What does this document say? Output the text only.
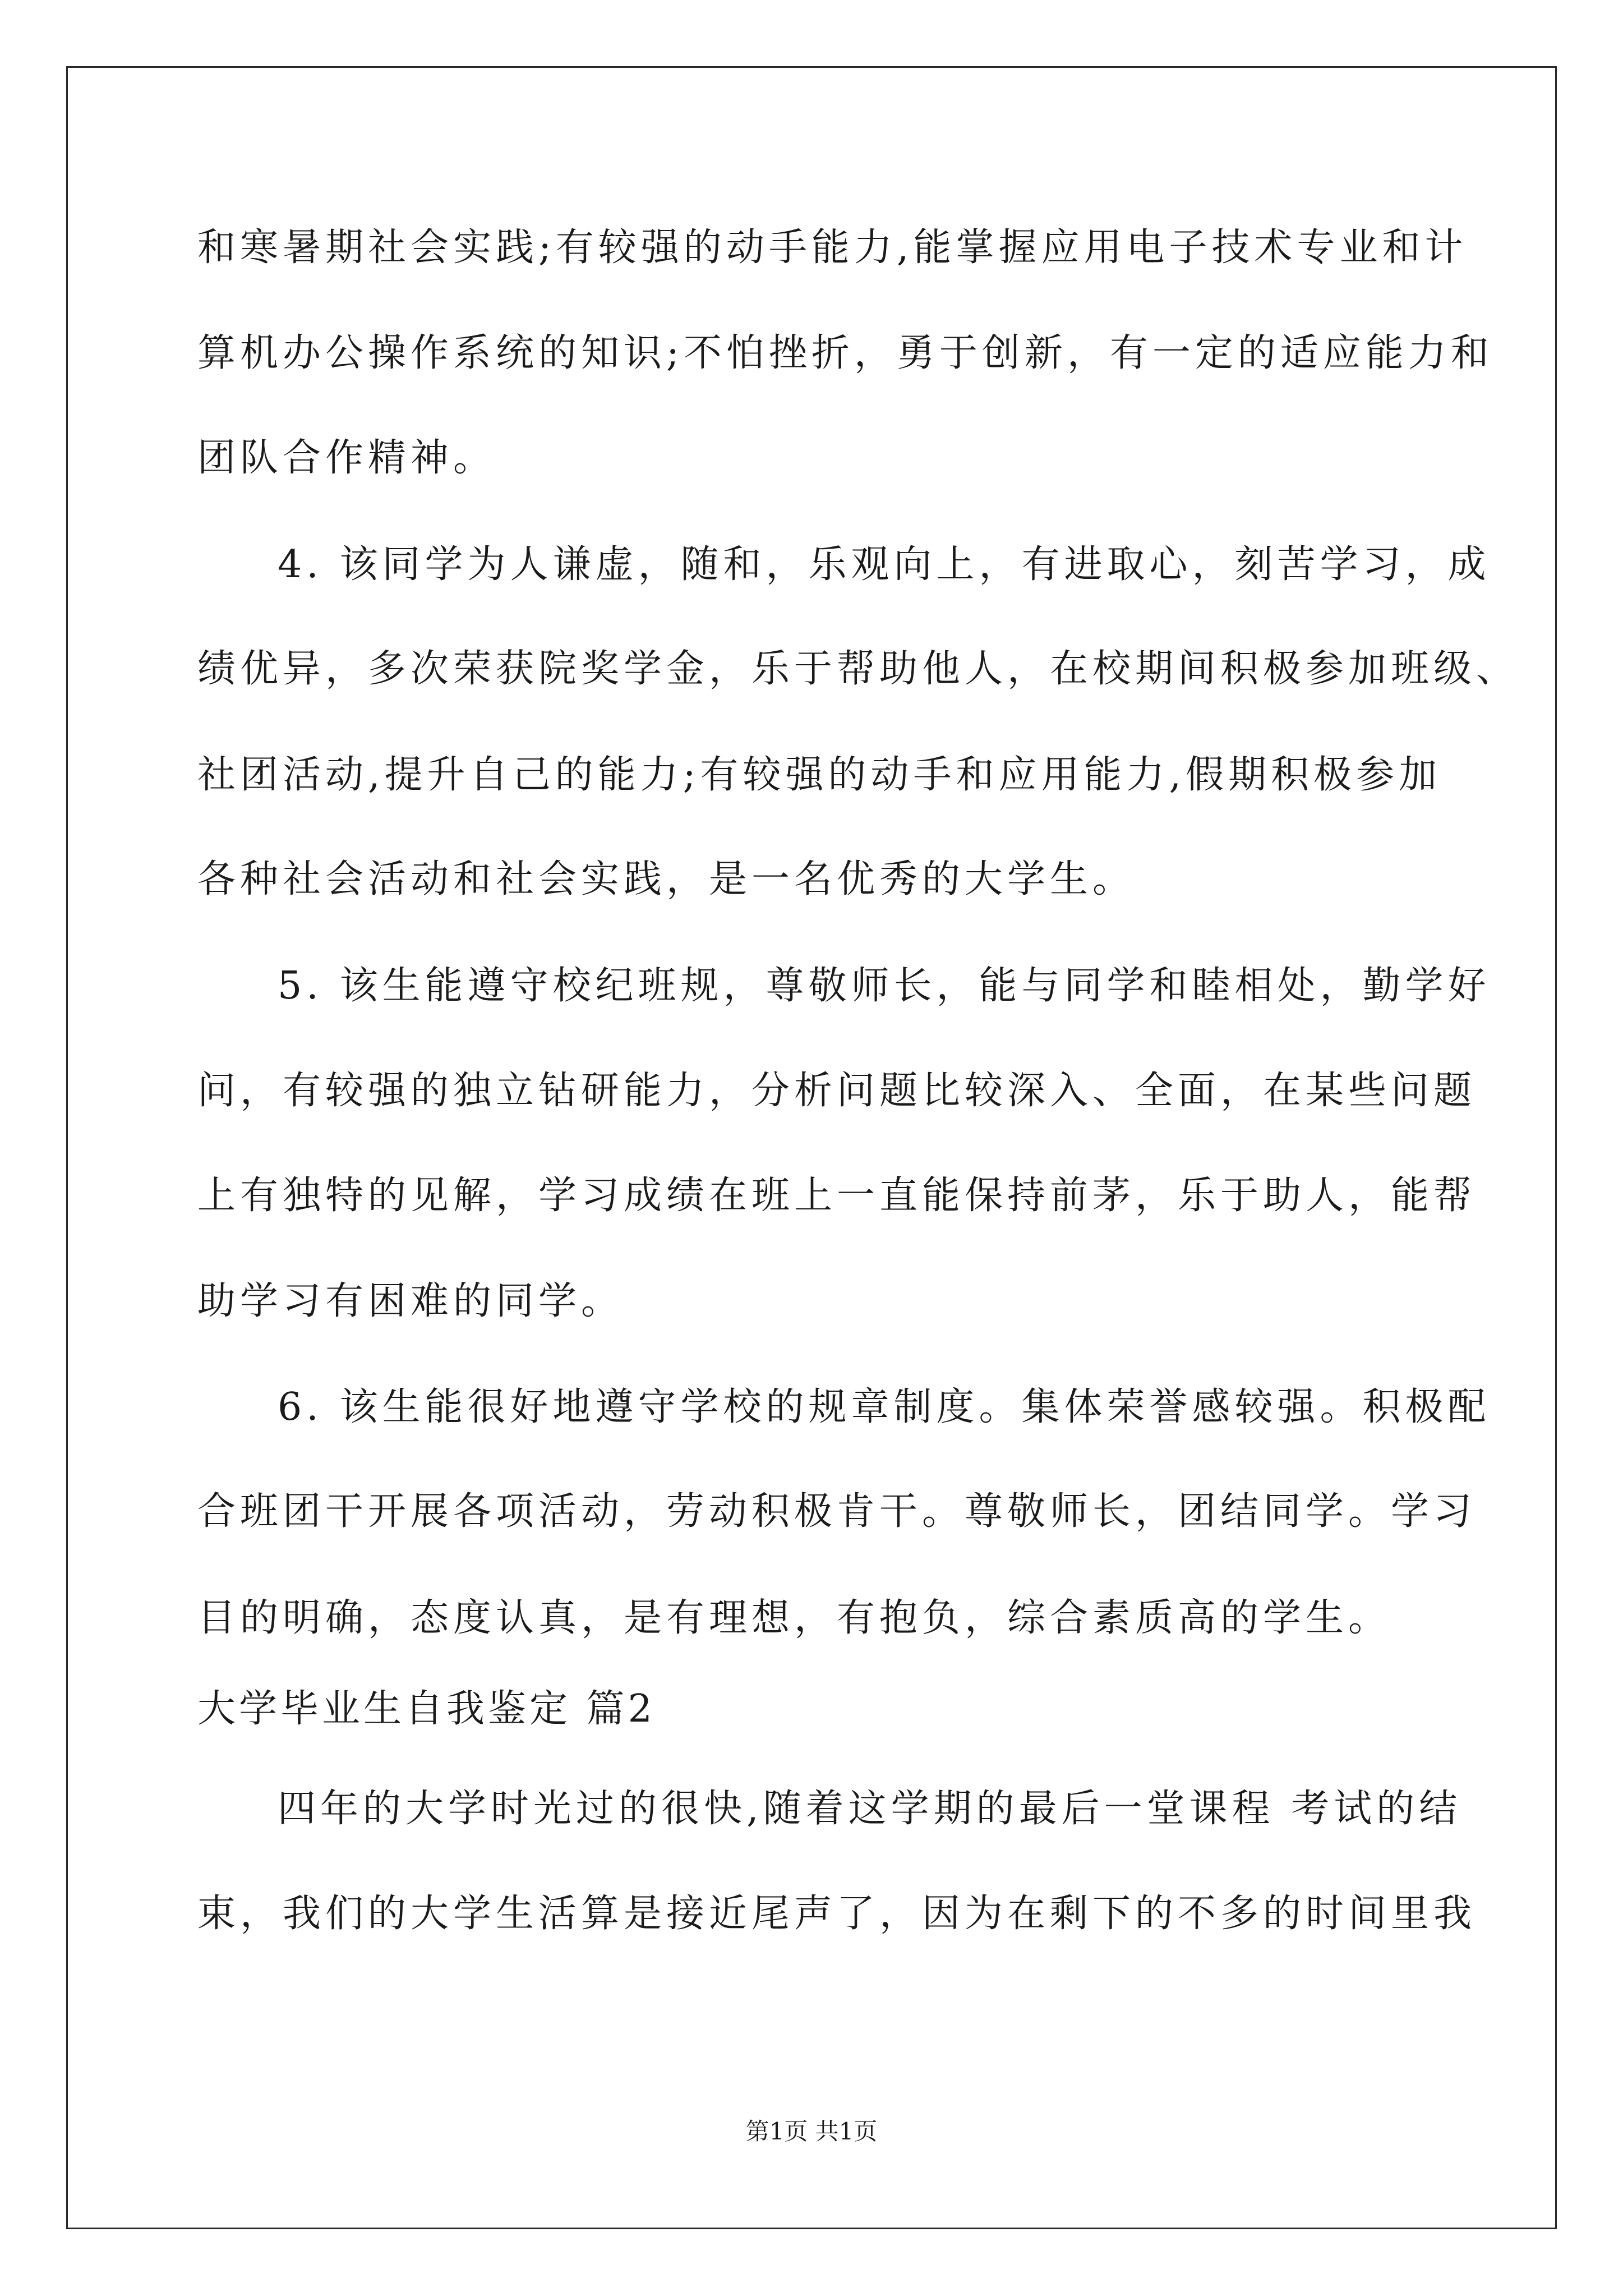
和寒暑期社会实践;有较强的动手能力,能掌握应用电子技术专业和计
算机办公操作系统的知识;不怕挫折，勇于创新，有一定的适应能力和
团队合作精神。
4. 该同学为人谦虚，随和，乐观向上，有进取心，刻苦学习，成
绩优异，多次荣获院奖学金，乐于帮助他人，在校期间积极参加班级、
社团活动,提升自己的能力;有较强的动手和应用能力,假期积极参加
各种社会活动和社会实践，是一名优秀的大学生。
5. 该生能遵守校纪班规，尊敬师长，能与同学和睦相处，勤学好
问，有较强的独立钻研能力，分析问题比较深入、全面，在某些问题
上有独特的见解，学习成绩在班上一直能保持前茅，乐于助人，能帮
助学习有困难的同学。
6. 该生能很好地遵守学校的规章制度。集体荣誉感较强。积极配
合班团干开展各项活动，劳动积极肯干。尊敬师长，团结同学。学习
目的明确，态度认真，是有理想，有抱负，综合素质高的学生。
大学毕业生自我鉴定 篇2
四年的大学时光过的很快,随着这学期的最后一堂课程 考试的结
束，我们的大学生活算是接近尾声了，因为在剩下的不多的时间里我
第1页 共1页
